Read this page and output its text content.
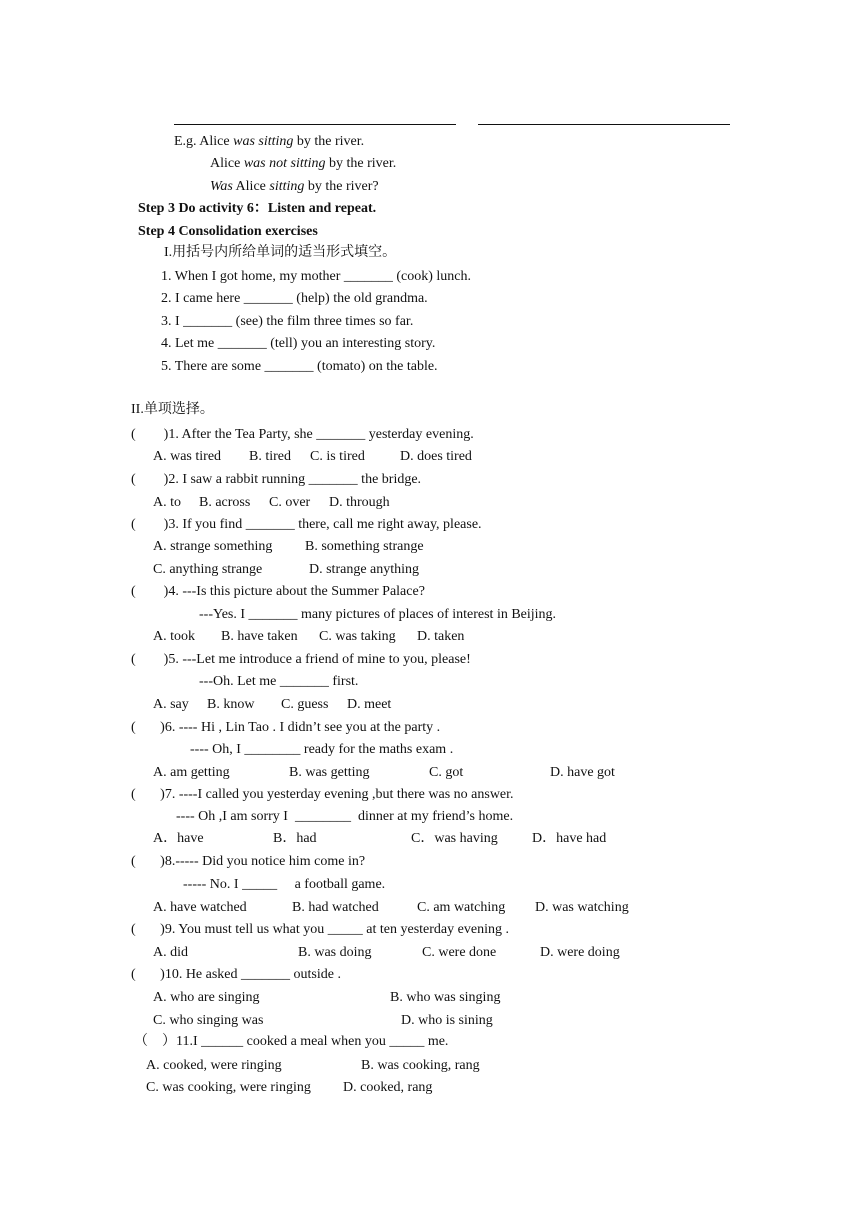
E.g. Alice was sitting by the river.
Alice was not sitting by the river.
Was Alice sitting by the river?
Step 3 Do activity 6：Listen and repeat.
Step 4 Consolidation exercises
I.用括号内所给单词的适当形式填空。
1. When I got home, my mother _______ (cook) lunch.
2. I came here _______ (help) the old grandma.
3. I _______ (see) the film three times so far.
4. Let me _______ (tell) you an interesting story.
5. There are some _______ (tomato) on the table.
II.单项选择。
(        )1. After the Tea Party, she _______ yesterday evening.
A. was tired B. tired C. is tired	D. does tired
(        )2. I saw a rabbit running _______ the bridge.
A. to B. across C. over D. through
(        )3. If you find _______ there, call me right away, please.
A. strange something B. something strange
C. anything strange	D. strange anything
(        )4. ---Is this picture about the Summer Palace?
---Yes. I _______ many pictures of places of interest in Beijing.
A. took B. have taken C. was taking D. taken
(        )5. ---Let me introduce a friend of mine to you, please!
---Oh. Let me _______ first.
A. say B. know C. guess D. meet
(       )6. ---- Hi , Lin Tao . I didn’t see you at the party .
---- Oh, I ________ ready for the maths exam .
A. am getting	B. was getting	C. got	D. have got
(       )7. ----I called you yesterday evening ,but there was no answer.
---- Oh ,I am sorry I  ________  dinner at my friend’s home.
A．have	B．had	C．was having D．have had
(       )8.----- Did you notice him come in?
----- No. I _____     a football game.
A. have watched	B. had watched	C. am watching D. was watching
(       )9. You must tell us what you _____ at ten yesterday evening .
A. did	B. was doing	C. were done	D. were doing
(       )10. He asked _______ outside .
A. who are singing	B. who was singing
C. who singing was	D. who is sining
（    ）11.I ______ cooked a meal when you _____ me.
A. cooked, were ringing	B. was cooking, rang
C. was cooking, were ringing D. cooked, rang
